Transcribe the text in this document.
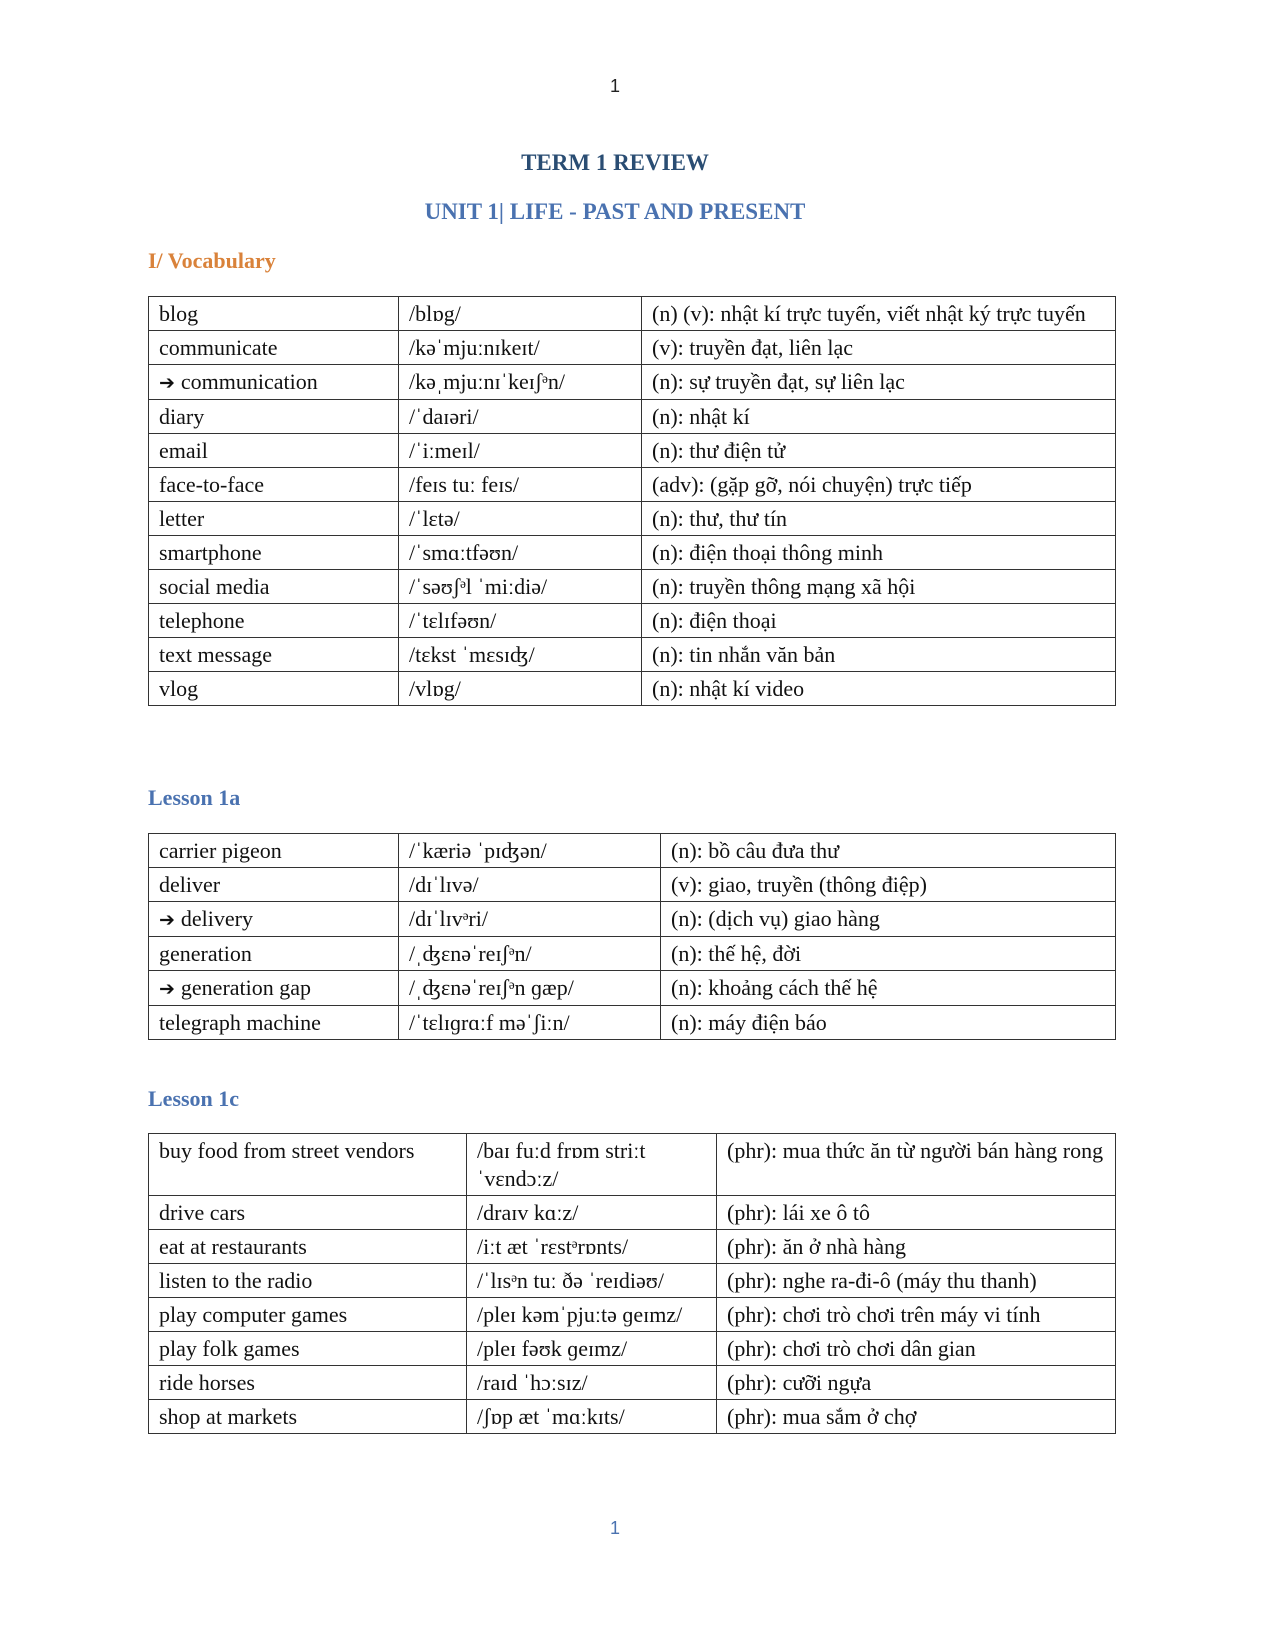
1
TERM 1 REVIEW
UNIT 1| LIFE - PAST AND PRESENT
I/ Vocabulary
blog	/blɒg/	(n) (v): nhật kí trực tuyến, viết nhật ký trực tuyến
communicate	/kəˈmjuːnɪkeɪt/	(v): truyền đạt, liên lạc
➔ communication	/kəˌmjuːnɪˈkeɪʃᵊn/	(n): sự truyền đạt, sự liên lạc
diary	/ˈdaɪəri/	(n): nhật kí
email	/ˈiːmeɪl/	(n): thư điện tử
face-to-face	/feɪs tuː feɪs/	(adv): (gặp gỡ, nói chuyện) trực tiếp
letter	/ˈlɛtə/	(n): thư, thư tín
smartphone	/ˈsmɑːtfəʊn/	(n): điện thoại thông minh
social media	/ˈsəʊʃᵊl ˈmiːdiə/	(n): truyền thông mạng xã hội
telephone	/ˈtɛlɪfəʊn/	(n): điện thoại
text message	/tɛkst ˈmɛsɪʤ/	(n): tin nhắn văn bản
vlog	/vlɒg/	(n): nhật kí video
Lesson 1a
carrier pigeon	/ˈkæriə ˈpɪʤən/	(n): bồ câu đưa thư
deliver	/dɪˈlɪvə/	(v): giao, truyền (thông điệp)
➔ delivery	/dɪˈlɪvᵊri/	(n): (dịch vụ) giao hàng
generation	/ˌʤɛnəˈreɪʃᵊn/	(n): thế hệ, đời
➔ generation gap	/ˌʤɛnəˈreɪʃᵊn ɡæp/	(n): khoảng cách thế hệ
telegraph machine	/ˈtɛlɪɡrɑːf məˈʃiːn/	(n): máy điện báo
Lesson 1c
buy food from street vendors	/baɪ fuːd frɒm striːt ˈvɛndɔːz/	(phr): mua thức ăn từ người bán hàng rong
drive cars	/draɪv kɑːz/	(phr): lái xe ô tô
eat at restaurants	/iːt æt ˈrɛstᵊrɒnts/	(phr): ăn ở nhà hàng
listen to the radio	/ˈlɪsᵊn tuː ðə ˈreɪdiəʊ/	(phr): nghe ra-đi-ô (máy thu thanh)
play computer games	/pleɪ kəmˈpjuːtə ɡeɪmz/	(phr): chơi trò chơi trên máy vi tính
play folk games	/pleɪ fəʊk ɡeɪmz/	(phr): chơi trò chơi dân gian
ride horses	/raɪd ˈhɔːsɪz/	(phr): cưỡi ngựa
shop at markets	/ʃɒp æt ˈmɑːkɪts/	(phr): mua sắm ở chợ
1
